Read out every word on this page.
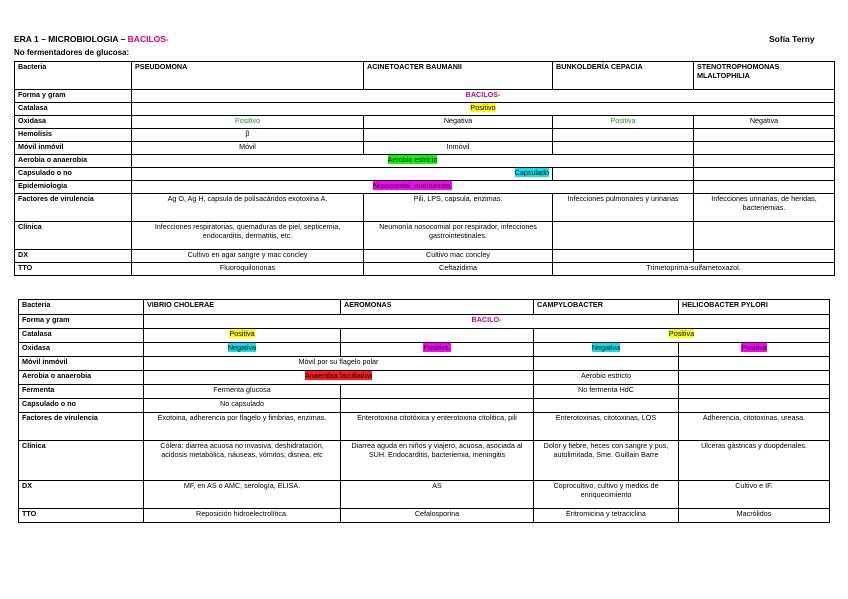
ERA 1 – MICROBIOLOGIA – BACILOS-	Sofía Terny
No fermentadores de glucosa:
Bacteria	PSEUDOMONA	ACINETOACTER BAUMANII	BUNKOLDERÍA CEPACIA	STENOTROPHOMONAS MLALTOPHILIA
Forma y gram	BACILOS-			
Catalasa	Positivo			
Oxidasa	Positivo	Negativa	Positiva	Negativa
Hemolisis	β			
Móvil inmóvil	Móvil	Inmóvil		
Aerobia o anaerobia	Aerobio estricto			
Capsulado o no	Capsulado			
Epidemiologia	Nosocomial, oportunista.			
Factores de virulencia	Ag O, Ag H, capsula de polisacáridos exotoxina A.	Pili, LPS, capsula, enzimas.	Infecciones pulmonares y urinarias	Infecciones urinarias, de heridas, bacteriemias.
Clínica	Infecciones respiratorias, quemaduras de piel, septicemia, endocarditis, dermatitis, etc.	Neumonía nosocomial por respirador, infecciones gastrointestinales.		
DX	Cultivo en agar sangre y mac concley	Cultivo mac concley		
TTO	Fluoroquilononas	Ceftazidima	Trimetoprima-sulfametoxazol.	
Bacteria	VIBRIO CHOLERAE	AEROMONAS	CAMPYLOBACTER	HELICOBACTER PYLORI
Forma y gram	BACILO-			
Catalasa	Positiva		Positiva	
Oxidasa	Negativa	Positiva.	Negativa	Positiva
Móvil inmóvil	Móvil por su flagelo polar			
Aerobia o anaerobia	Anaerobia facultativa		Aerobio estricto	
Fermenta	Fermenta glucosa		No fermenta HdC	
Capsulado o no	No capsulado			
Factores de virulencia	Exotoina, adherencia por flagelo y fimbrias, enzimas.	Enterotoxina citotóxica y enterotoxina citolitica, pili	Enterotoxinas, citotoxinas, LOS	Adherencia, citotoxinas, ureasa.
Clínica	Cólera: diarrea acuosa no invasiva, deshidratación, acidosis metabólica, náuseas, vómitos, disnea, etc	Diarrea aguda en niños y viajero, acuosa, asociada al SUH. Endocarditis, bacteriemia, meningitis	Dolor y fiebre, heces con sangre y pus, autolimitada, Sme. Guillain Barre	Ulceras gástricas y duopdenales.
DX	MF, en AS o AMC, serología, ELISA.	AS	Coprocultivo, cultivo y medios de enriquecimiento	Cultivo e IF.
TTO	Reposición hidroelectrolítica.	Cefalosporina	Eritromicina y tetraciclina	Macrólidos
